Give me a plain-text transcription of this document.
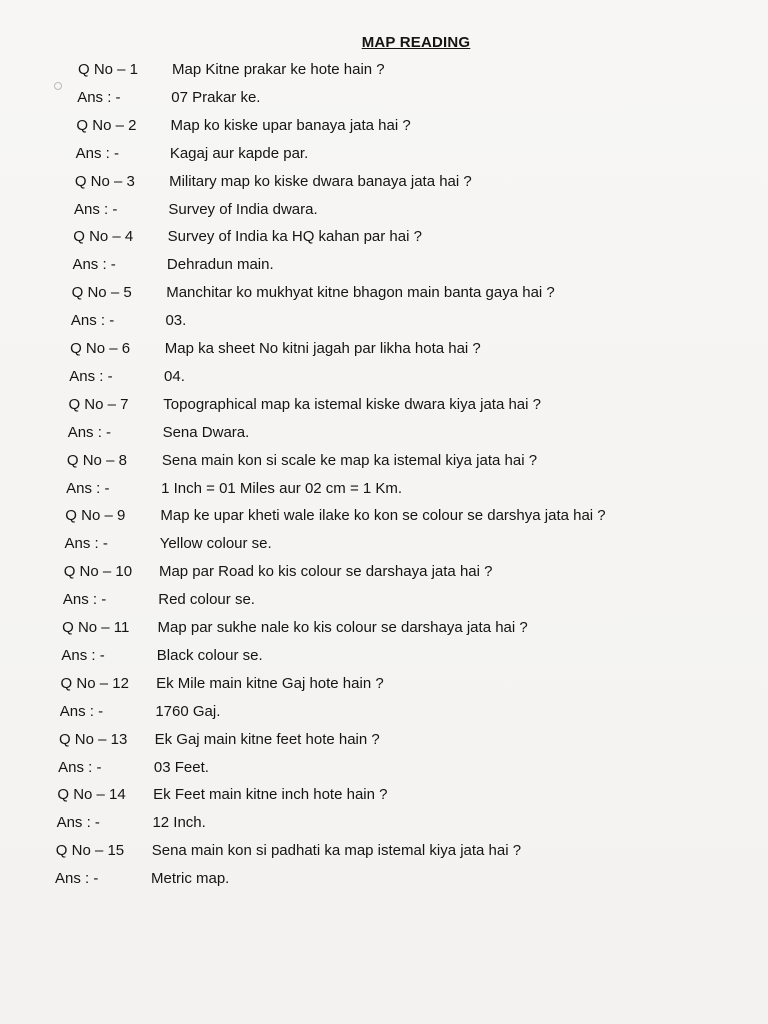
MAP READING
Q No – 1 Map Kitne prakar ke hote hain ?
Ans : -	07 Prakar ke.
Q No – 2 Map ko kiske upar banaya jata hai ?
Ans : -	Kagaj aur kapde par.
Q No – 3 Military map ko kiske dwara banaya jata hai ?
Ans : -	Survey of India dwara.
Q No – 4 Survey of India ka HQ kahan par hai ?
Ans : -	Dehradun main.
Q No – 5 Manchitar ko mukhyat kitne bhagon main banta gaya hai ?
Ans : -	03.
Q No – 6 Map ka sheet No kitni jagah par likha hota hai ?
Ans : -	04.
Q No – 7 Topographical map ka istemal kiske dwara kiya jata hai ?
Ans : -	Sena Dwara.
Q No – 8 Sena main kon si scale ke map ka istemal kiya jata hai ?
Ans : -	1 Inch = 01 Miles aur 02 cm = 1 Km.
Q No – 9 Map ke upar kheti wale ilake ko kon se colour se darshya jata hai ?
Ans : -	Yellow colour se.
Q No – 10 Map par Road ko kis colour se darshaya jata hai ?
Ans : -	Red colour se.
Q No – 11 Map par sukhe nale ko kis colour se darshaya jata hai ?
Ans : -	Black colour se.
Q No – 12 Ek Mile main kitne Gaj hote hain ?
Ans : -	1760 Gaj.
Q No – 13 Ek Gaj main kitne feet hote hain ?
Ans : -	03 Feet.
Q No – 14 Ek Feet main kitne inch hote hain ?
Ans : -	12 Inch.
Q No – 15 Sena main kon si padhati ka map istemal kiya jata hai ?
Ans : -	Metric map.
